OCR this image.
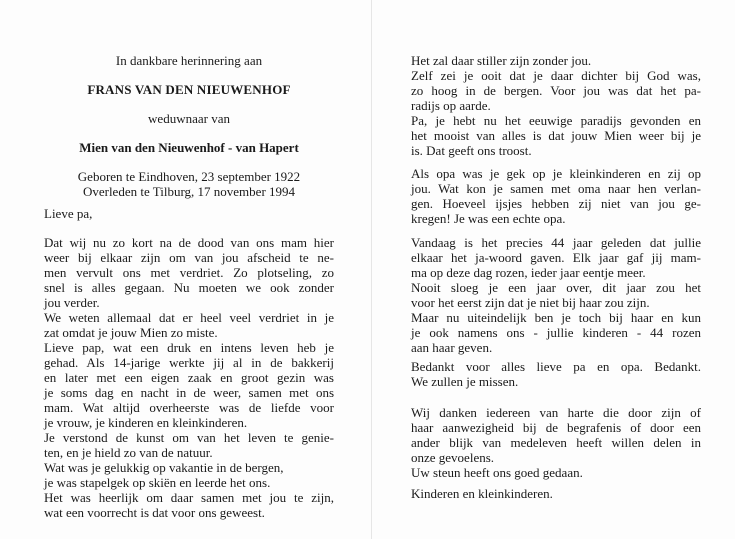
In dankbare herinnering aan
FRANS VAN DEN NIEUWENHOF
weduwnaar van
Mien van den Nieuwenhof - van Hapert
Geboren te Eindhoven, 23 september 1922
Overleden te Tilburg, 17 november 1994
Lieve pa,
Dat wij nu zo kort na de dood van ons mam hier
weer bij elkaar zijn om van jou afscheid te ne-
men vervult ons met verdriet. Zo plotseling, zo
snel is alles gegaan. Nu moeten we ook zonder
jou verder.
We weten allemaal dat er heel veel verdriet in je
zat omdat je jouw Mien zo miste.
Lieve pap, wat een druk en intens leven heb je
gehad. Als 14-jarige werkte jij al in de bakkerij
en later met een eigen zaak en groot gezin was
je soms dag en nacht in de weer, samen met ons
mam. Wat altijd overheerste was de liefde voor
je vrouw, je kinderen en kleinkinderen.
Je verstond de kunst om van het leven te genie-
ten, en je hield zo van de natuur.
Wat was je gelukkig op vakantie in de bergen,
je was stapelgek op skiën en leerde het ons.
Het was heerlijk om daar samen met jou te zijn,
wat een voorrecht is dat voor ons geweest.
Het zal daar stiller zijn zonder jou.
Zelf zei je ooit dat je daar dichter bij God was,
zo hoog in de bergen. Voor jou was dat het pa-
radijs op aarde.
Pa, je hebt nu het eeuwige paradijs gevonden en
het mooist van alles is dat jouw Mien weer bij je
is. Dat geeft ons troost.
Als opa was je gek op je kleinkinderen en zij op
jou. Wat kon je samen met oma naar hen verlan-
gen. Hoeveel ijsjes hebben zij niet van jou ge-
kregen! Je was een echte opa.
Vandaag is het precies 44 jaar geleden dat jullie
elkaar het ja-woord gaven. Elk jaar gaf jij mam-
ma op deze dag rozen, ieder jaar eentje meer.
Nooit sloeg je een jaar over, dit jaar zou het
voor het eerst zijn dat je niet bij haar zou zijn.
Maar nu uiteindelijk ben je toch bij haar en kun
je ook namens ons - jullie kinderen - 44 rozen
aan haar geven.
Bedankt voor alles lieve pa en opa. Bedankt.
We zullen je missen.
Wij danken iedereen van harte die door zijn of
haar aanwezigheid bij de begrafenis of door een
ander blijk van medeleven heeft willen delen in
onze gevoelens.
Uw steun heeft ons goed gedaan.
Kinderen en kleinkinderen.
